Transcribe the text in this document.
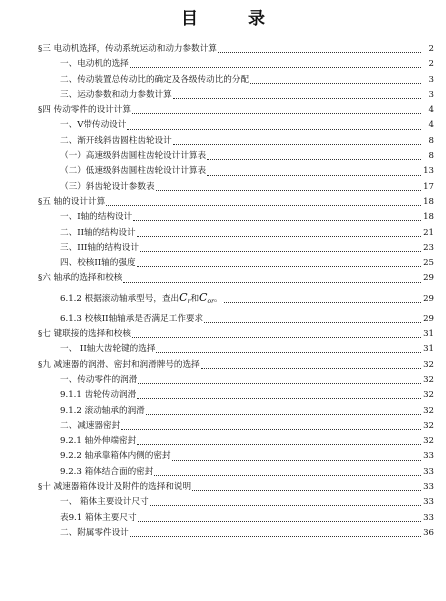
目 录
§三 电动机选择，传动系统运动和动力参数计算	2
一、电动机的选择	2
二、传动装置总传动比的确定及各级传动比的分配	3
三、运动参数和动力参数计算	3
§四 传动零件的设计计算	4
一、V带传动设计	4
二、渐开线斜齿圆柱齿轮设计	8
（一）高速级斜齿圆柱齿轮设计计算表	8
（二）低速级斜齿圆柱齿轮设计计算表	13
（三）斜齿轮设计参数表	17
§五 轴的设计计算	18
一、Ⅰ轴的结构设计	18
二、II轴的结构设计	21
三、III轴的结构设计	23
四、校核II轴的强度	25
§六 轴承的选择和校核	29
6.1.2 根据滚动轴承型号，查出 $C_r$和$C_{or}$。	29
6.1.3 校核II轴轴承是否满足工作要求	29
§七 键联接的选择和校核	31
一、 II轴大齿轮键的选择	31
§九 减速器的润滑、密封和润滑牌号的选择	32
一、传动零件的润滑	32
9.1.1 齿轮传动润滑	32
9.1.2 滚动轴承的润滑	32
二、减速器密封	32
9.2.1 轴外伸端密封	32
9.2.2 轴承靠箱体内侧的密封	33
9.2.3 箱体结合面的密封	33
§十 减速器箱体设计及附件的选择和说明	33
一、 箱体主要设计尺寸	33
表9.1 箱体主要尺寸	33
二、附属零件设计	36
